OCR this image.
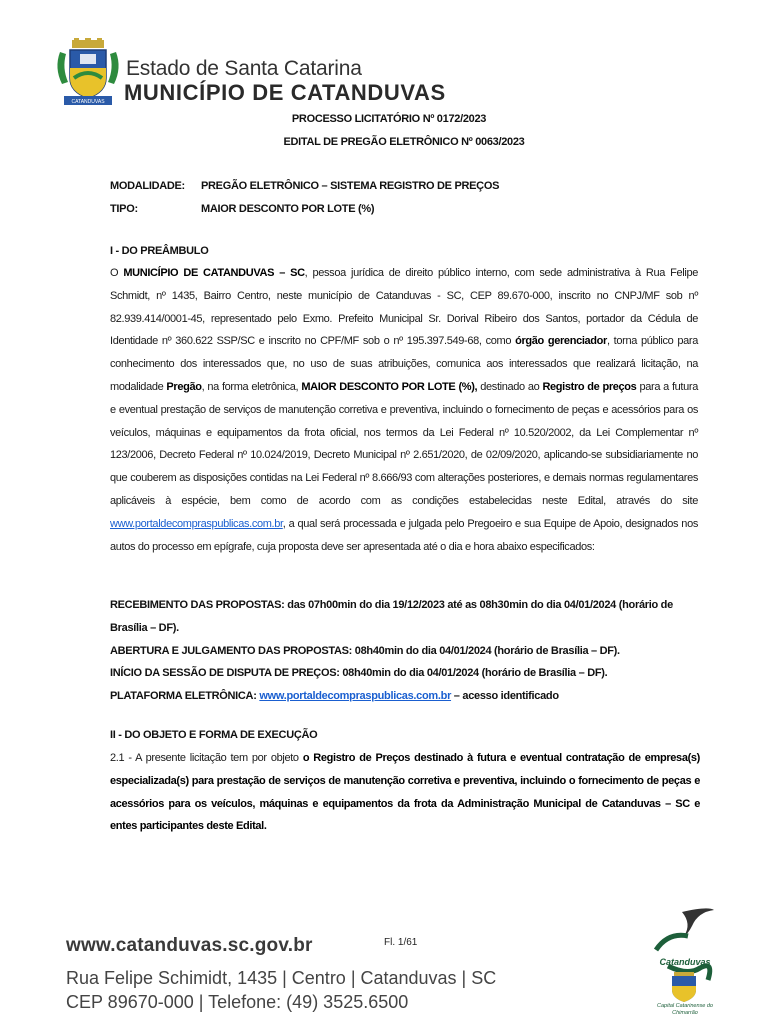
CATANDUVAS
Estado de Santa Catarina
MUNICÍPIO DE CATANDUVAS
PROCESSO LICITATÓRIO Nº 0172/2023
EDITAL DE PREGÃO ELETRÔNICO Nº 0063/2023
MODALIDADE: PREGÃO ELETRÔNICO – SISTEMA REGISTRO DE PREÇOS
TIPO:	MAIOR DESCONTO POR LOTE (%)
I - DO PREÂMBULO

O MUNICÍPIO DE CATANDUVAS – SC, pessoa jurídica de direito público interno, com sede administrativa à Rua Felipe Schmidt, nº 1435, Bairro Centro, neste município de Catanduvas - SC, CEP 89.670-000, inscrito no CNPJ/MF sob nº 82.939.414/0001-45, representado pelo Exmo. Prefeito Municipal Sr. Dorival Ribeiro dos Santos, portador da Cédula de Identidade nº 360.622 SSP/SC e inscrito no CPF/MF sob o nº 195.397.549-68, como órgão gerenciador, torna público para conhecimento dos interessados que, no uso de suas atribuições, comunica aos interessados que realizará licitação, na modalidade Pregão, na forma eletrônica, MAIOR DESCONTO POR LOTE (%), destinado ao Registro de preços para a futura e eventual prestação de serviços de manutenção corretiva e preventiva, incluindo o fornecimento de peças e acessórios para os veículos, máquinas e equipamentos da frota oficial, nos termos da Lei Federal nº 10.520/2002, da Lei Complementar nº 123/2006, Decreto Federal nº 10.024/2019, Decreto Municipal nº 2.651/2020, de 02/09/2020, aplicando-se subsidiariamente no que couberem as disposições contidas na Lei Federal nº 8.666/93 com alterações posteriores, e demais normas regulamentares aplicáveis à espécie, bem como de acordo com as condições estabelecidas neste Edital, através do site www.portaldecompraspublicas.com.br, a qual será processada e julgada pelo Pregoeiro e sua Equipe de Apoio, designados nos autos do processo em epígrafe, cuja proposta deve ser apresentada até o dia e hora abaixo especificados:

RECEBIMENTO DAS PROPOSTAS: das 07h00min do dia 19/12/2023 até as 08h30min do dia 04/01/2024 (horário de Brasília – DF).

ABERTURA E JULGAMENTO DAS PROPOSTAS: 08h40min do dia 04/01/2024 (horário de Brasília – DF).

INÍCIO DA SESSÃO DE DISPUTA DE PREÇOS: 08h40min do dia 04/01/2024 (horário de Brasília – DF).

PLATAFORMA ELETRÔNICA: www.portaldecompraspublicas.com.br – acesso identificado

II - DO OBJETO E FORMA DE EXECUÇÃO

2.1 - A presente licitação tem por objeto o Registro de Preços destinado à futura e eventual contratação de empresa(s) especializada(s) para prestação de serviços de manutenção corretiva e preventiva, incluindo o fornecimento de peças e acessórios para os veículos, máquinas e equipamentos da frota da Administração Municipal de Catanduvas – SC e entes participantes deste Edital.

www.catanduvas.sc.gov.br	Fl. 1/61
Rua Felipe Schimidt, 1435 | Centro | Catanduvas | SC
CEP 89670-000 | Telefone: (49) 3525.6500
Catanduvas
Capital Catarinense do Chimarrão
